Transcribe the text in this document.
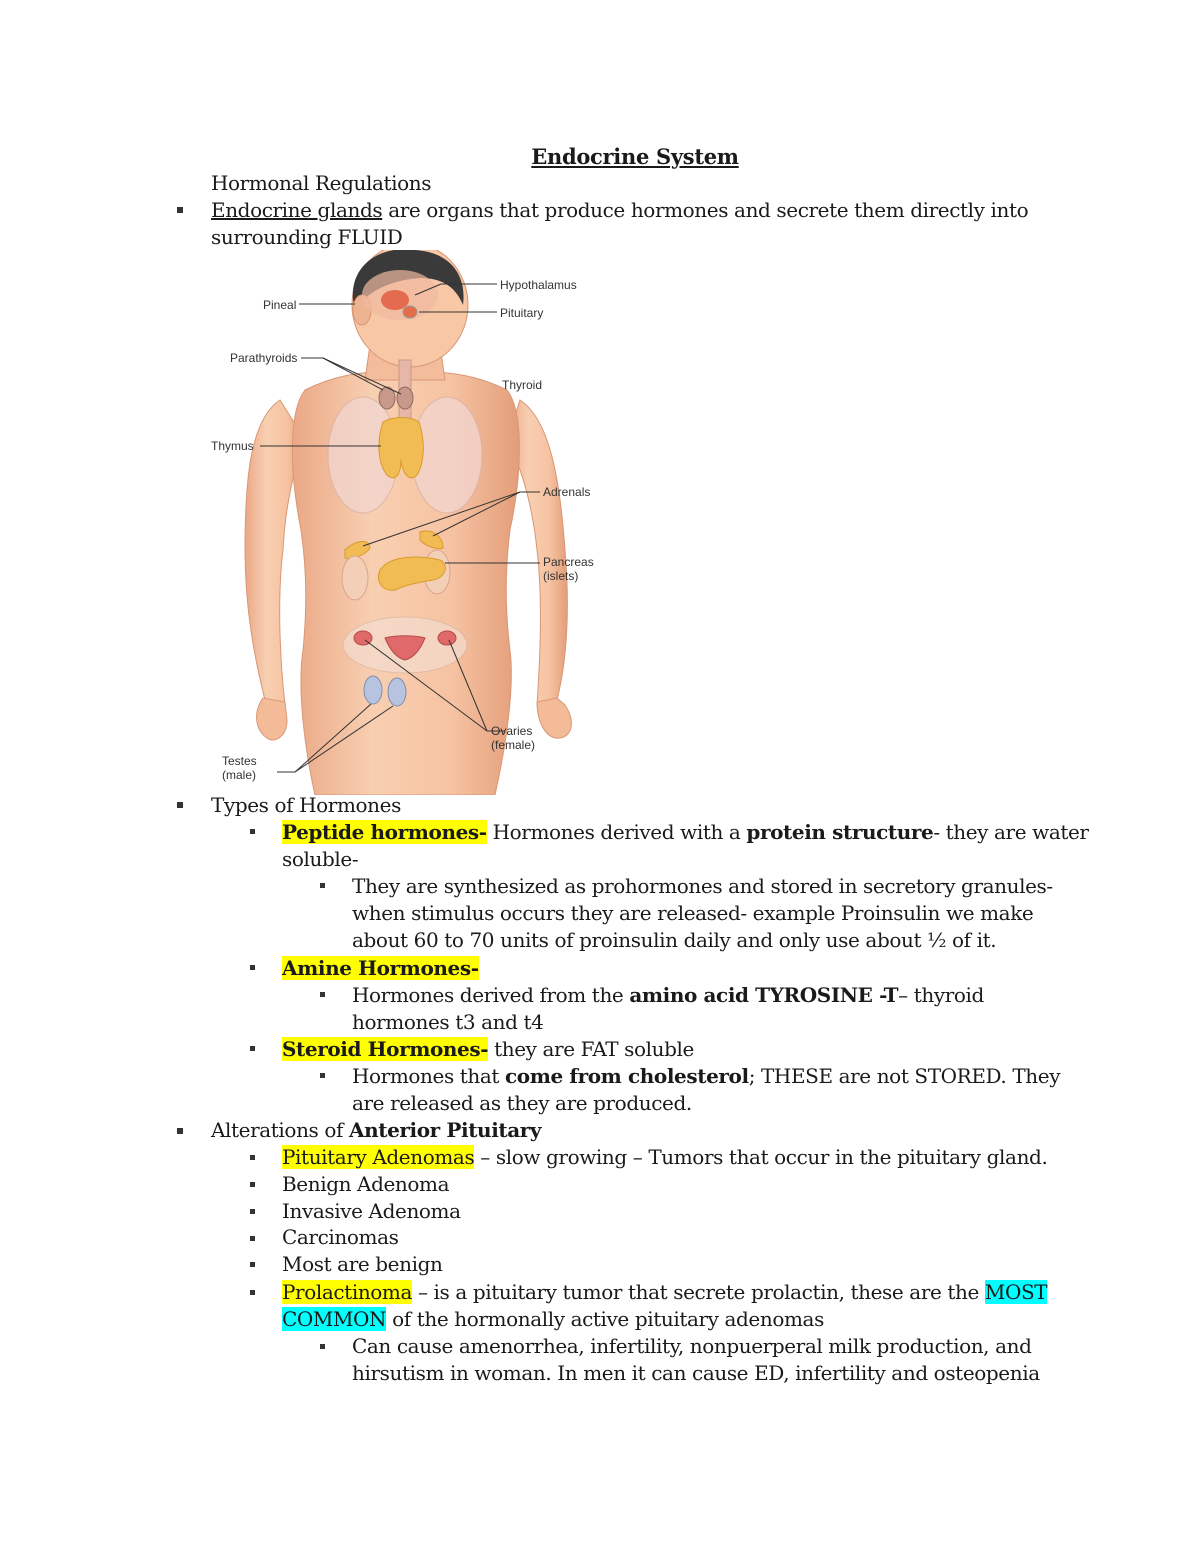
Endocrine System
Hormonal Regulations
Endocrine glands are organs that produce hormones and secrete them directly into
surrounding FLUID
Hypothalamus
Pituitary
Pineal
Parathyroids
Thyroid
Thymus
Adrenals
Pancreas
(islets)
Ovaries
(female)
Testes
(male)
Types of Hormones
Peptide hormones- Hormones derived with a protein structure- they are water
soluble-
They are synthesized as prohormones and stored in secretory granules-
when stimulus occurs they are released- example Proinsulin we make
about 60 to 70 units of proinsulin daily and only use about ½ of it.
Amine Hormones-
Hormones derived from the amino acid TYROSINE -T– thyroid
hormones t3 and t4
Steroid Hormones- they are FAT soluble
Hormones that come from cholesterol; THESE are not STORED. They
are released as they are produced.
Alterations of Anterior Pituitary
Pituitary Adenomas – slow growing – Tumors that occur in the pituitary gland.
Benign Adenoma
Invasive Adenoma
Carcinomas
Most are benign
Prolactinoma – is a pituitary tumor that secrete prolactin, these are the MOST
COMMON of the hormonally active pituitary adenomas
Can cause amenorrhea, infertility, nonpuerperal milk production, and
hirsutism in woman. In men it can cause ED, infertility and osteopenia
